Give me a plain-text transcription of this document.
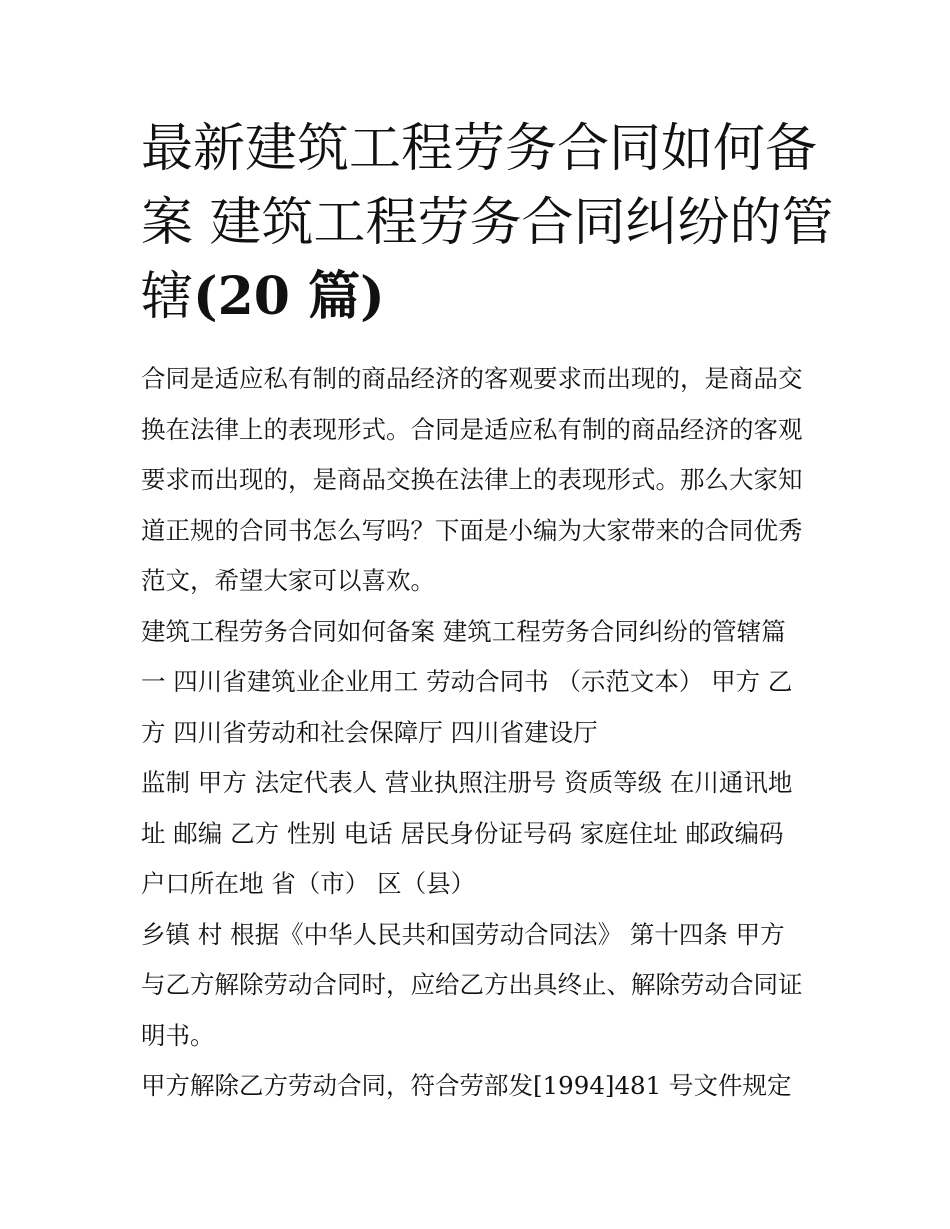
最新建筑工程劳务合同如何备
案 建筑工程劳务合同纠纷的管
辖(20 篇)
合同是适应私有制的商品经济的客观要求而出现的，是商品交
换在法律上的表现形式。合同是适应私有制的商品经济的客观
要求而出现的，是商品交换在法律上的表现形式。那么大家知
道正规的合同书怎么写吗？下面是小编为大家带来的合同优秀
范文，希望大家可以喜欢。
建筑工程劳务合同如何备案 建筑工程劳务合同纠纷的管辖篇
一 四川省建筑业企业用工 劳动合同书 （示范文本） 甲方 乙
方 四川省劳动和社会保障厅 四川省建设厅
监制 甲方 法定代表人 营业执照注册号 资质等级 在川通讯地
址 邮编 乙方 性别 电话 居民身份证号码 家庭住址 邮政编码
户口所在地 省（市） 区（县）
乡镇 村 根据《中华人民共和国劳动合同法》 第十四条 甲方
与乙方解除劳动合同时，应给乙方出具终止、解除劳动合同证
明书。
甲方解除乙方劳动合同，符合劳部发[1994]481 号文件规定
